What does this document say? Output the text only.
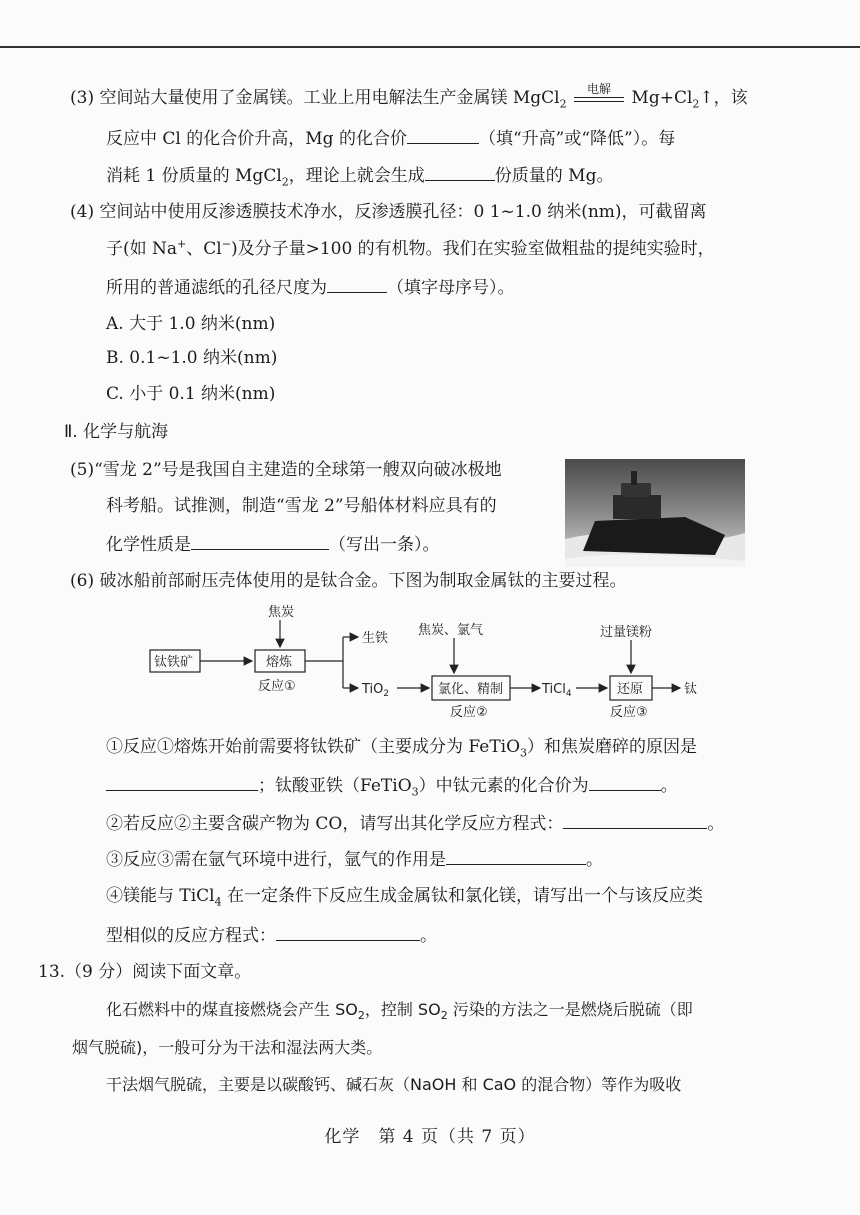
(3) 空间站大量使用了金属镁。工业上用电解法生产金属镁 MgCl$_2$
电解 $Mg+Cl_2↑$，该
反应中 Cl 的化合价升高，Mg 的化合价	（填“升高”或“降低”）。每
消耗 1 份质量的 MgCl$_2$，理论上就会生成	份质量的 Mg。
(4) 空间站中使用反渗透膜技术净水，反渗透膜孔径：0 1~1.0 纳米(nm)，可截留离
子(如 Na+、Cl−)及分子量>100 的有机物。我们在实验室做粗盐的提纯实验时，
所用的普通滤纸的孔径尺度为	（填字母序号）。
A. 大于 1.0 纳米(nm)
B. 0.1~1.0 纳米(nm)
C. 小于 0.1 纳米(nm)
Ⅱ. 化学与航海
(5)“雪龙 2”号是我国自主建造的全球第一艘双向破冰极地
科考船。试推测，制造“雪龙 2”号船体材料应具有的
化学性质是	（写出一条）。
(6) 破冰船前部耐压壳体使用的是钛合金。下图为制取金属钛的主要过程。
焦炭
钛铁矿	熔炼
反应①
生铁
TiO$_2$
焦炭、氯气
氯化、精制
反应②
TiCl$_4$
过量镁粉
还原
反应③
钛
①反应①熔炼开始前需要将钛铁矿（主要成分为 FeTiO$_3$）和焦炭磨碎的原因是
；钛酸亚铁（FeTiO$_3$）中钛元素的化合价为	。
②若反应②主要含碳产物为 CO，请写出其化学反应方程式：	。
③反应③需在氩气环境中进行，氩气的作用是	。
④镁能与 TiCl$_4$ 在一定条件下反应生成金属钛和氯化镁，请写出一个与该反应类
型相似的反应方程式：	。
13.（9 分）阅读下面文章。
化石燃料中的煤直接燃烧会产生 $SO_2$，控制 $SO_2$ 污染的方法之一是燃烧后脱硫（即
烟气脱硫)，一般可分为干法和湿法两大类。
干法烟气脱硫，主要是以碳酸钙、碱石灰（NaOH 和 CaO 的混合物）等作为吸收
化学　第 4 页（共 7 页）
